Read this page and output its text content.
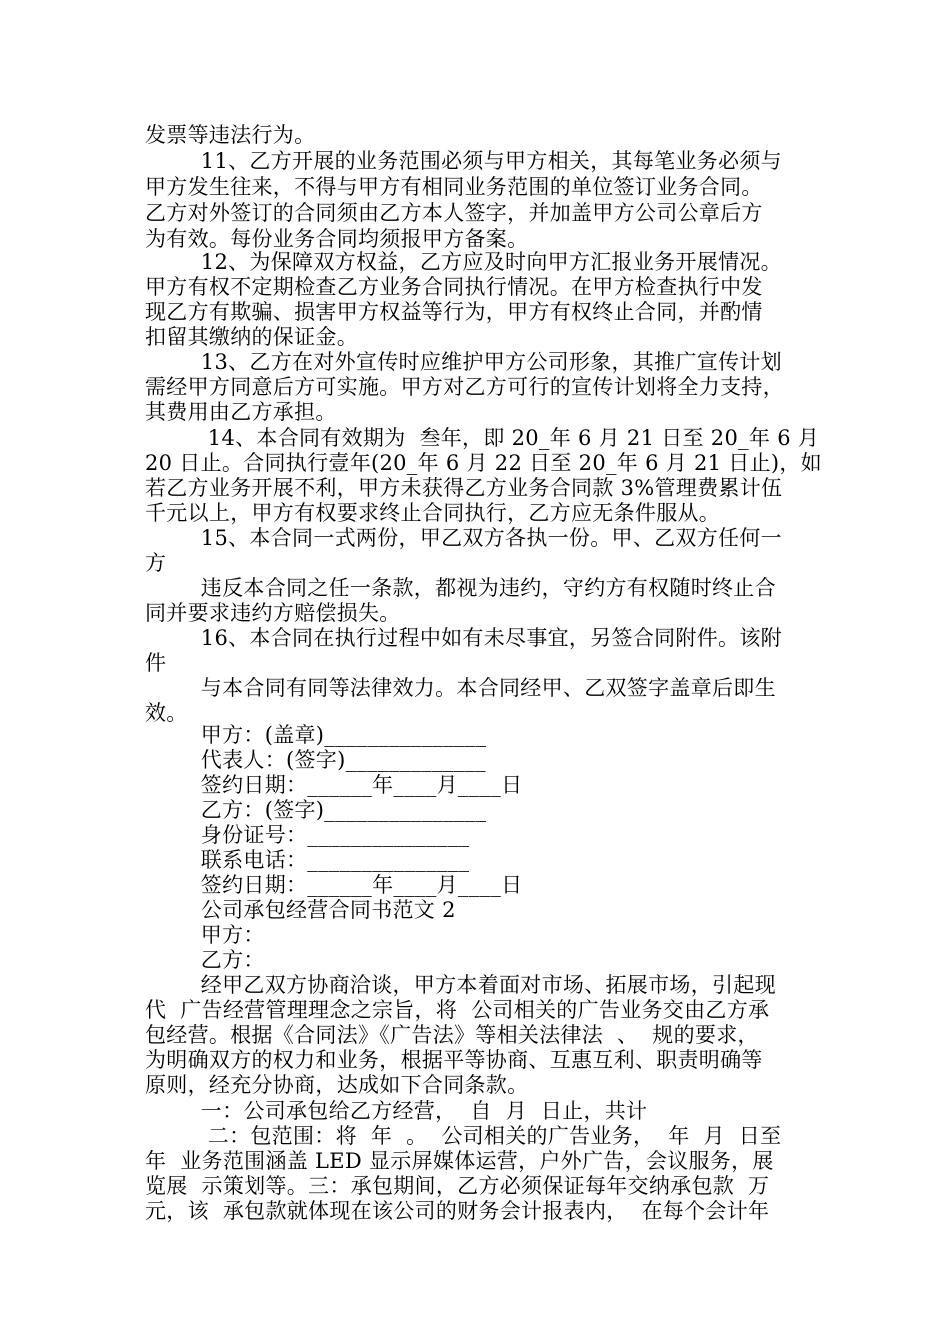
发票等违法行为。
11、乙方开展的业务范围必须与甲方相关，其每笔业务必须与
甲方发生往来，不得与甲方有相同业务范围的单位签订业务合同。
乙方对外签订的合同须由乙方本人签字，并加盖甲方公司公章后方
为有效。每份业务合同均须报甲方备案。
12、为保障双方权益，乙方应及时向甲方汇报业务开展情况。
甲方有权不定期检查乙方业务合同执行情况。在甲方检查执行中发
现乙方有欺骗、损害甲方权益等行为，甲方有权终止合同，并酌情
扣留其缴纳的保证金。
13、乙方在对外宣传时应维护甲方公司形象，其推广宣传计划
需经甲方同意后方可实施。甲方对乙方可行的宣传计划将全力支持，
其费用由乙方承担。
14、本合同有效期为  叁年，即 20_年 6 月 21 日至 20_年 6 月
20 日止。合同执行壹年(20_年 6 月 22 日至 20_年 6 月 21 日止)，如
若乙方业务开展不利，甲方未获得乙方业务合同款 3%管理费累计伍
千元以上，甲方有权要求终止合同执行，乙方应无条件服从。
15、本合同一式两份，甲乙双方各执一份。甲、乙双方任何一
方
违反本合同之任一条款，都视为违约，守约方有权随时终止合
同并要求违约方赔偿损失。
16、本合同在执行过程中如有未尽事宜，另签合同附件。该附
件
与本合同有同等法律效力。本合同经甲、乙双签字盖章后即生
效。
甲方：(盖章)_______________
代表人：(签字)_____________
签约日期：______年____月____日
乙方：(签字)_______________
身份证号：_______________
联系电话：_______________
签约日期：______年____月____日
公司承包经营合同书范文 2
甲方：
乙方：
经甲乙双方协商洽谈，甲方本着面对市场、拓展市场，引起现
代  广告经营管理理念之宗旨，将  公司相关的广告业务交由乙方承
包经营。根据《合同法》《广告法》等相关法律法  、  规的要求，
为明确双方的权力和业务，根据平等协商、互惠互利、职责明确等
原则，经充分协商，达成如下合同条款。
一：公司承包给乙方经营，  自  月  日止，共计
二：包范围：将  年  。  公司相关的广告业务，  年  月  日至
年  业务范围涵盖 LED 显示屏媒体运营，户外广告，会议服务，展
览展  示策划等。三：承包期间，乙方必须保证每年交纳承包款  万
元，该  承包款就体现在该公司的财务会计报表内，  在每个会计年
